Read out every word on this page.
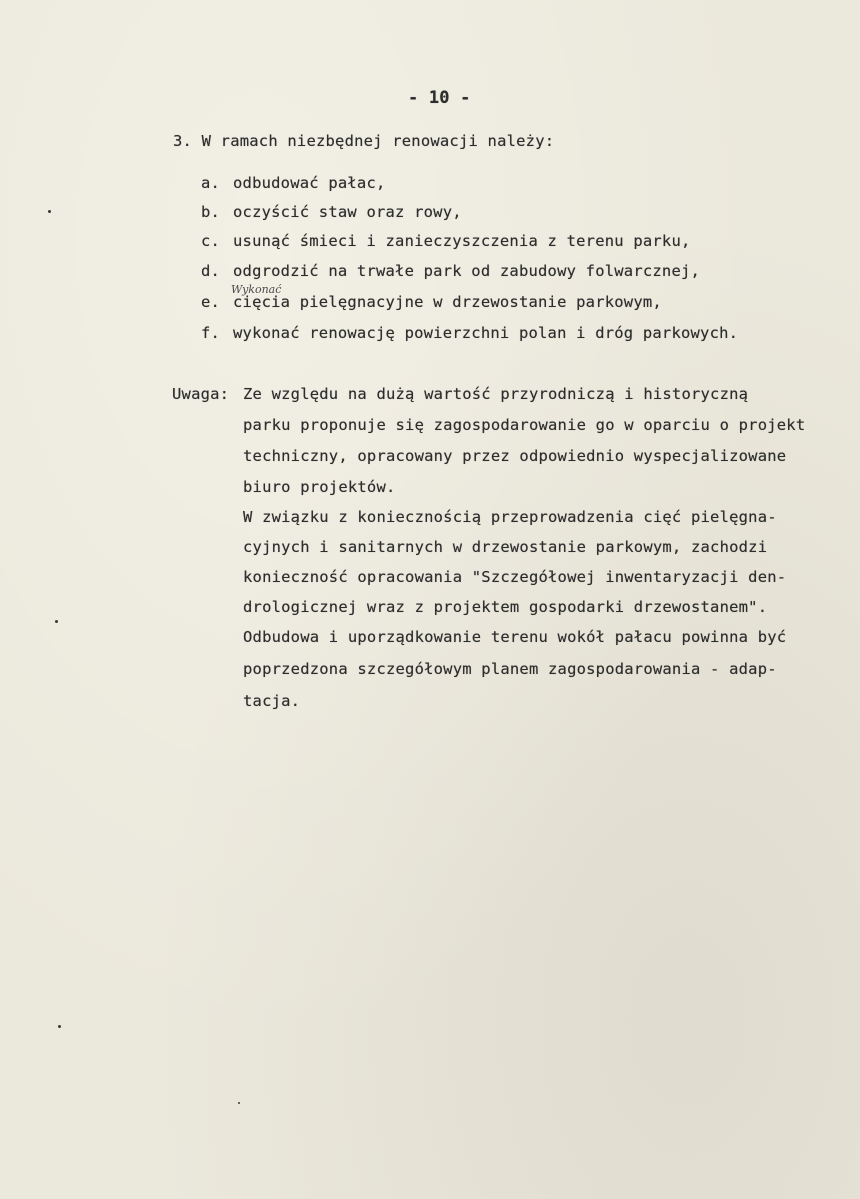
- 10 -
3. W ramach niezbędnej renowacji należy:
a. odbudować pałac,
b. oczyścić staw oraz rowy,
c. usunąć śmieci i zanieczyszczenia z terenu parku,
d. odgrodzić na trwałe park od zabudowy folwarcznej,
Wykonać
e. cięcia pielęgnacyjne w drzewostanie parkowym,
f. wykonać renowację powierzchni polan i dróg parkowych.
Uwaga: Ze względu na dużą wartość przyrodniczą i historyczną
parku proponuje się zagospodarowanie go w oparciu o projekt
techniczny, opracowany przez odpowiednio wyspecjalizowane
biuro projektów.
W związku z koniecznością przeprowadzenia cięć pielęgna-
cyjnych i sanitarnych w drzewostanie parkowym, zachodzi
konieczność opracowania "Szczegółowej inwentaryzacji den-
drologicznej wraz z projektem gospodarki drzewostanem".
Odbudowa i uporządkowanie terenu wokół pałacu powinna być
poprzedzona szczegółowym planem zagospodarowania - adap-
tacja.
